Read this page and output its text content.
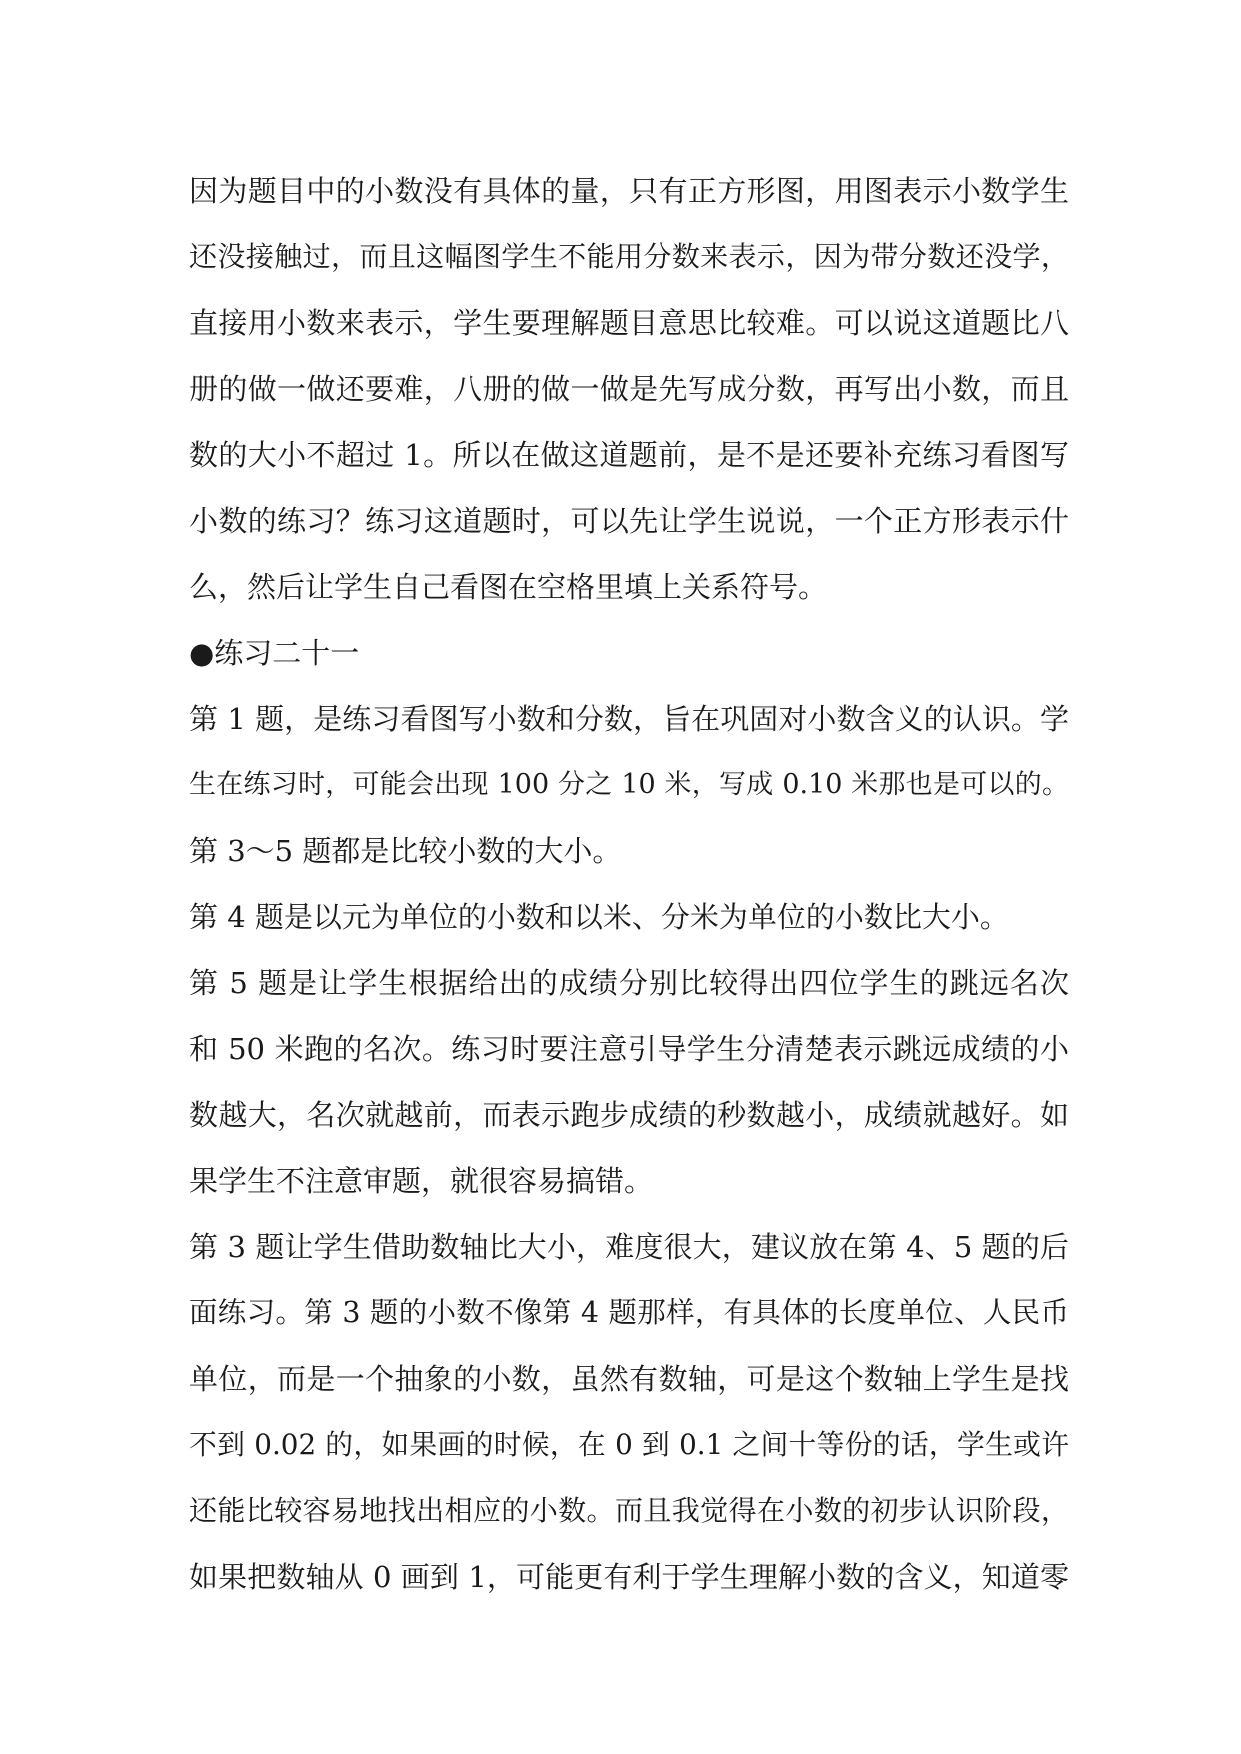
因为题目中的小数没有具体的量，只有正方形图，用图表示小数学生
还没接触过，而且这幅图学生不能用分数来表示，因为带分数还没学，
直接用小数来表示，学生要理解题目意思比较难。可以说这道题比八
册的做一做还要难，八册的做一做是先写成分数，再写出小数，而且
数的大小不超过 1。所以在做这道题前，是不是还要补充练习看图写
小数的练习？练习这道题时，可以先让学生说说，一个正方形表示什
么，然后让学生自己看图在空格里填上关系符号。
●练习二十一
第 1 题，是练习看图写小数和分数，旨在巩固对小数含义的认识。学
生在练习时，可能会出现 100 分之 10 米，写成 0.10 米那也是可以的。
第 3～5 题都是比较小数的大小。
第 4 题是以元为单位的小数和以米、分米为单位的小数比大小。
第 5 题是让学生根据给出的成绩分别比较得出四位学生的跳远名次
和 50 米跑的名次。练习时要注意引导学生分清楚表示跳远成绩的小
数越大，名次就越前，而表示跑步成绩的秒数越小，成绩就越好。如
果学生不注意审题，就很容易搞错。
第 3 题让学生借助数轴比大小，难度很大，建议放在第 4、5 题的后
面练习。第 3 题的小数不像第 4 题那样，有具体的长度单位、人民币
单位，而是一个抽象的小数，虽然有数轴，可是这个数轴上学生是找
不到 0.02 的，如果画的时候，在 0 到 0.1 之间十等份的话，学生或许
还能比较容易地找出相应的小数。而且我觉得在小数的初步认识阶段，
如果把数轴从 0 画到 1，可能更有利于学生理解小数的含义，知道零
